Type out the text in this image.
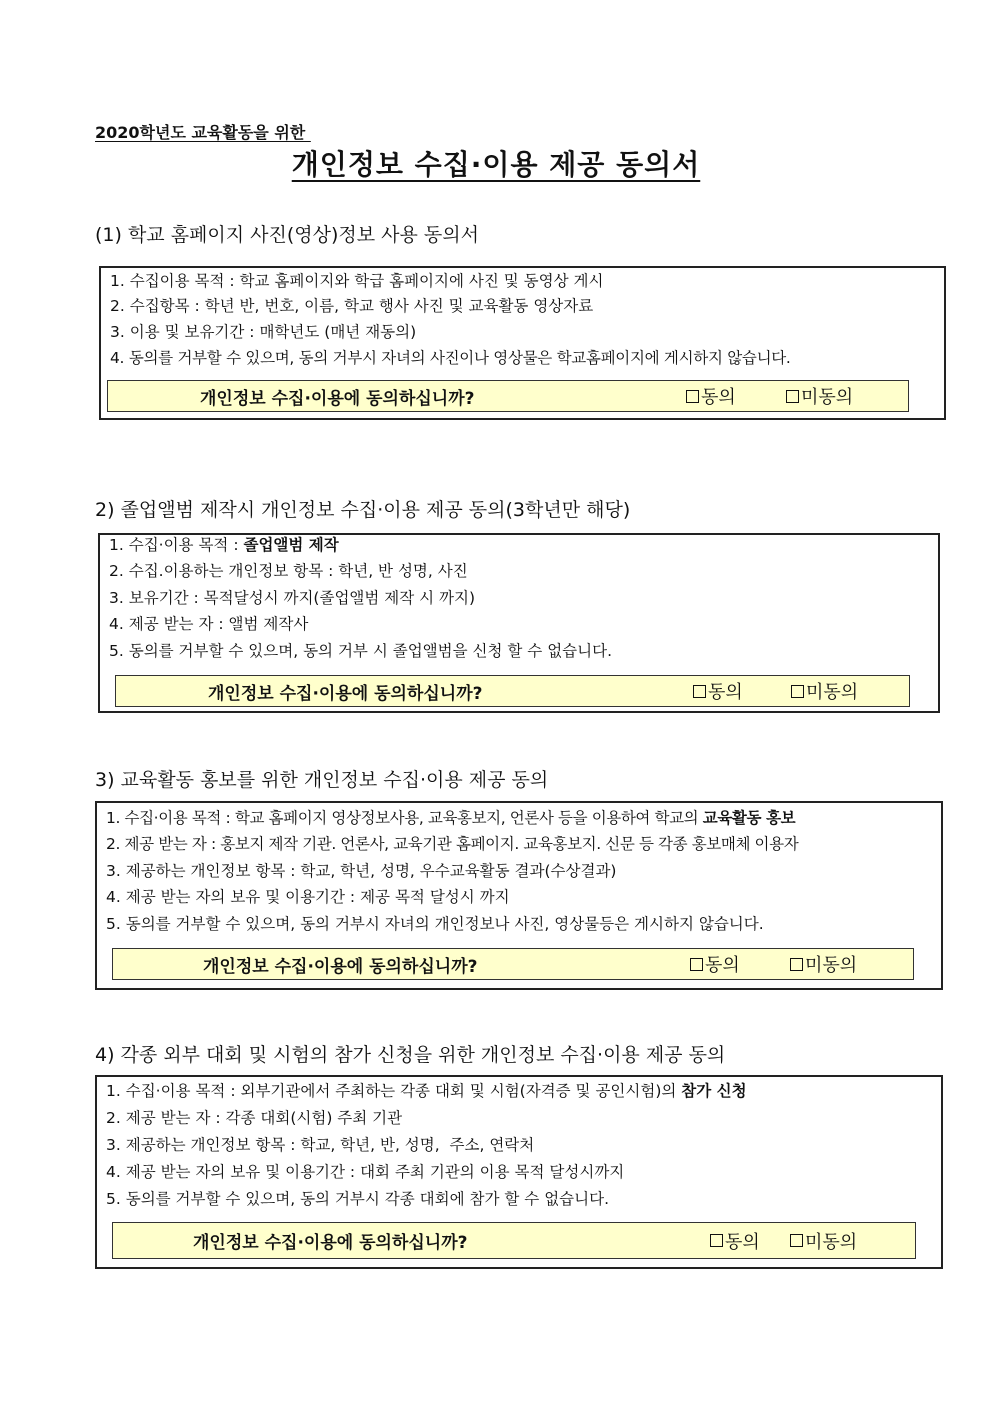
2020학년도 교육활동을 위한
개인정보 수집·이용 제공 동의서
(1) 학교 홈페이지 사진(영상)정보 사용 동의서
1. 수집이용 목적 : 학교 홈페이지와 학급 홈페이지에 사진 및 동영상 게시
2. 수집항목 : 학년 반, 번호, 이름, 학교 행사 사진 및 교육활동 영상자료
3. 이용 및 보유기간 : 매학년도 (매년 재동의)
4. 동의를 거부할 수 있으며, 동의 거부시 자녀의 사진이나 영상물은 학교홈페이지에 게시하지 않습니다.
개인정보 수집·이용에 동의하십니까?	동의	미동의
2) 졸업앨범 제작시 개인정보 수집·이용 제공 동의(3학년만 해당)
1. 수집·이용 목적 : 졸업앨범 제작
2. 수집.이용하는 개인정보 항목 : 학년, 반 성명, 사진
3. 보유기간 : 목적달성시 까지(졸업앨범 제작 시 까지)
4. 제공 받는 자 : 앨범 제작사
5. 동의를 거부할 수 있으며, 동의 거부 시 졸업앨범을 신청 할 수 없습니다.
개인정보 수집·이용에 동의하십니까?	동의	미동의
3) 교육활동 홍보를 위한 개인정보 수집·이용 제공 동의
1. 수집·이용 목적 : 학교 홈페이지 영상정보사용, 교육홍보지, 언론사 등을 이용하여 학교의 교육활동 홍보
2. 제공 받는 자 : 홍보지 제작 기관. 언론사, 교육기관 홈페이지. 교육홍보지. 신문 등 각종 홍보매체 이용자
3. 제공하는 개인정보 항목 : 학교, 학년, 성명, 우수교육활동 결과(수상결과)
4. 제공 받는 자의 보유 및 이용기간 : 제공 목적 달성시 까지
5. 동의를 거부할 수 있으며, 동의 거부시 자녀의 개인정보나 사진, 영상물등은 게시하지 않습니다.
개인정보 수집·이용에 동의하십니까?	동의	미동의
4) 각종 외부 대회 및 시험의 참가 신청을 위한 개인정보 수집·이용 제공 동의
1. 수집·이용 목적 : 외부기관에서 주최하는 각종 대회 및 시험(자격증 및 공인시험)의 참가 신청
2. 제공 받는 자 : 각종 대회(시험) 주최 기관
3. 제공하는 개인정보 항목 : 학교, 학년, 반, 성명,  주소, 연락처
4. 제공 받는 자의 보유 및 이용기간 : 대회 주최 기관의 이용 목적 달성시까지
5. 동의를 거부할 수 있으며, 동의 거부시 각종 대회에 참가 할 수 없습니다.
개인정보 수집·이용에 동의하십니까?	동의	미동의
